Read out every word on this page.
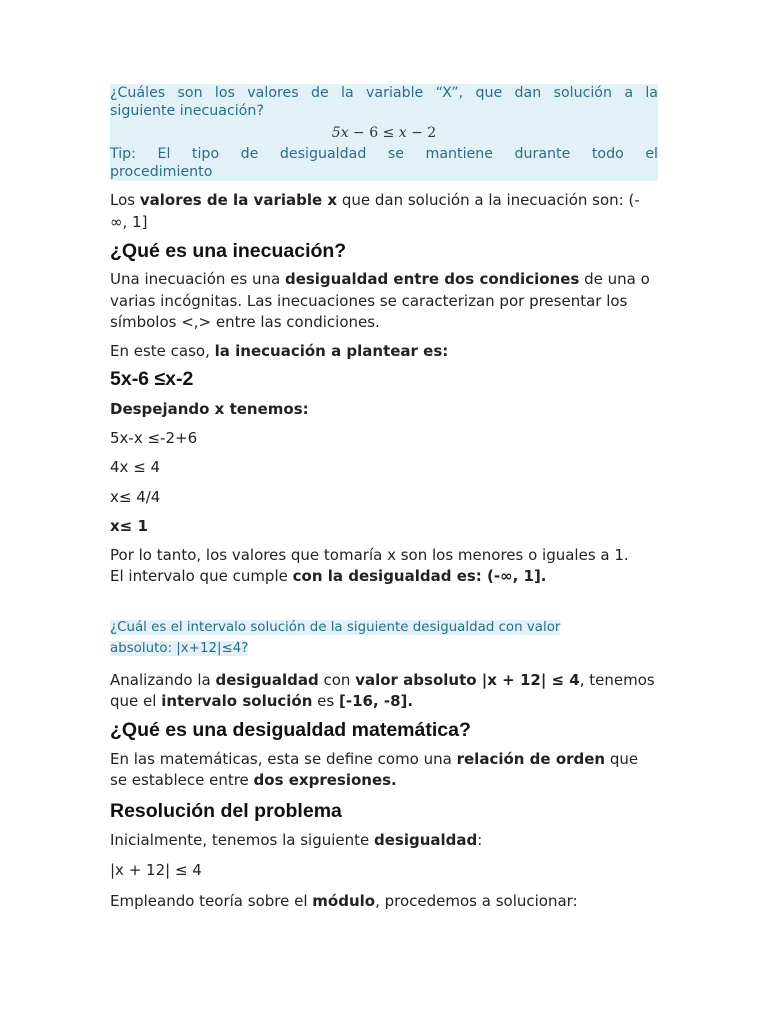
¿Cuáles son los valores de la variable “X”, que dan solución a la
siguiente inecuación?
5x − 6 ≤ x − 2
Tip: El tipo de desigualdad se mantiene durante todo el
procedimiento

Los valores de la variable x que dan solución a la inecuación son: (-
∞, 1]

¿Qué es una inecuación?

Una inecuación es una desigualdad entre dos condiciones de una o
varias incógnitas. Las inecuaciones se caracterizan por presentar los
símbolos <,> entre las condiciones.

En este caso, la inecuación a plantear es:

5x-6 ≤x-2

Despejando x tenemos:

5x-x ≤-2+6

4x ≤ 4

x≤ 4/4

x≤ 1

Por lo tanto, los valores que tomaría x son los menores o iguales a 1.
El intervalo que cumple con la desigualdad es: (-∞, 1].

¿Cuál es el intervalo solución de la siguiente desigualdad con valor
absoluto: |x+12|≤4?

Analizando la desigualdad con valor absoluto |x + 12| ≤ 4, tenemos
que el intervalo solución es [-16, -8].

¿Qué es una desigualdad matemática?

En las matemáticas, esta se define como una relación de orden que
se establece entre dos expresiones.

Resolución del problema

Inicialmente, tenemos la siguiente desigualdad:

|x + 12| ≤ 4

Empleando teoría sobre el módulo, procedemos a solucionar:
